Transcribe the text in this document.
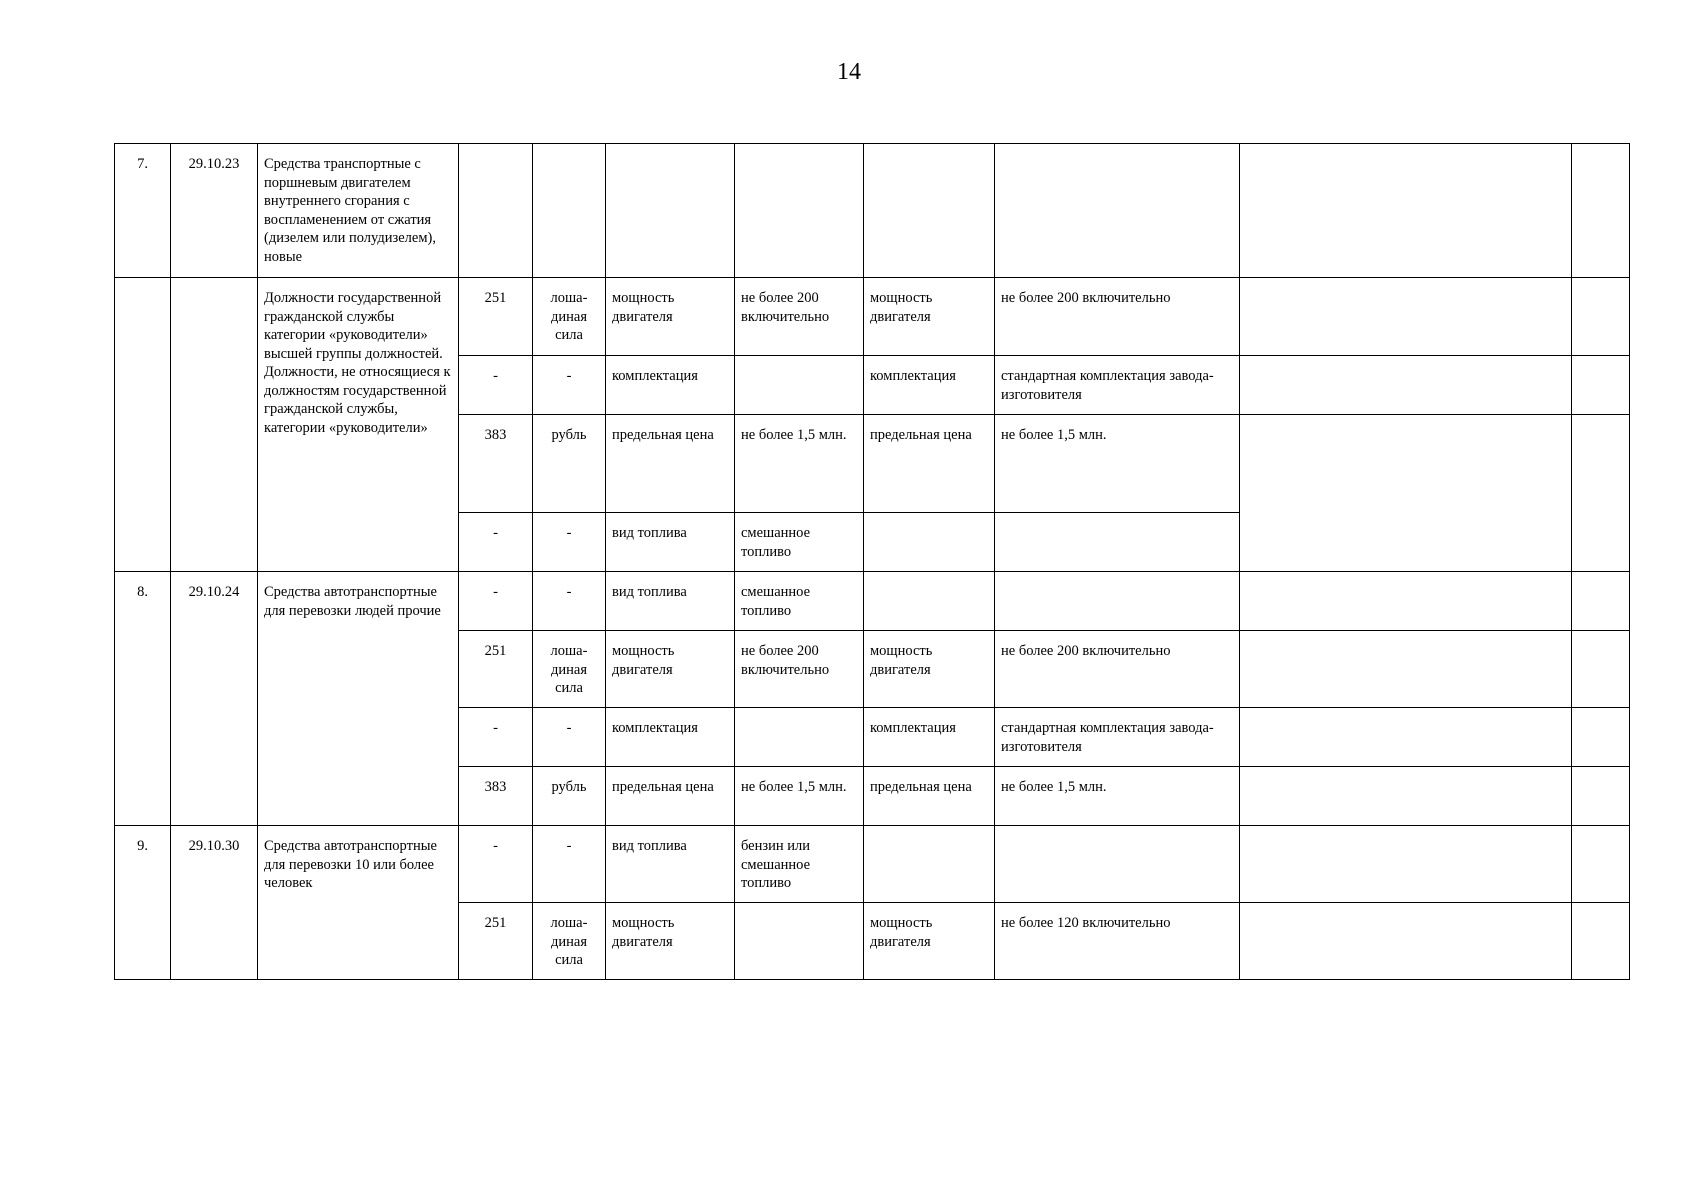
14
7.	29.10.23	Средства транспортные с поршневым двигателем внутреннего сгорания с воспламенением от сжатия (дизелем или полудизелем), новые								
		Должности государственной гражданской службы категории «руководители» высшей группы должностей. Должности, не относящиеся к должностям государственной гражданской службы, категории «руководители»	251	лоша-диная сила	мощность двигателя	не более 200 включительно	мощность двигателя	не более 200 включительно		
			-	-	комплектация		комплектация	стандартная комплектация завода-изготовителя		
			383	рубль	предельная цена	не более 1,5 млн.	предельная цена	не более 1,5 млн.		
			-	-	вид топлива	смешанное топливо				
8.	29.10.24	Средства автотранспортные для перевозки людей прочие	-	-	вид топлива	смешанное топливо				
			251	лоша-диная сила	мощность двигателя	не более 200 включительно	мощность двигателя	не более 200 включительно		
			-	-	комплектация		комплектация	стандартная комплектация завода-изготовителя		
			383	рубль	предельная цена	не более 1,5 млн.	предельная цена	не более 1,5 млн.		
9.	29.10.30	Средства автотранспортные для перевозки 10 или более человек	-	-	вид топлива	бензин или смешанное топливо				
			251	лоша-диная сила	мощность двигателя		мощность двигателя	не более 120 включительно		
